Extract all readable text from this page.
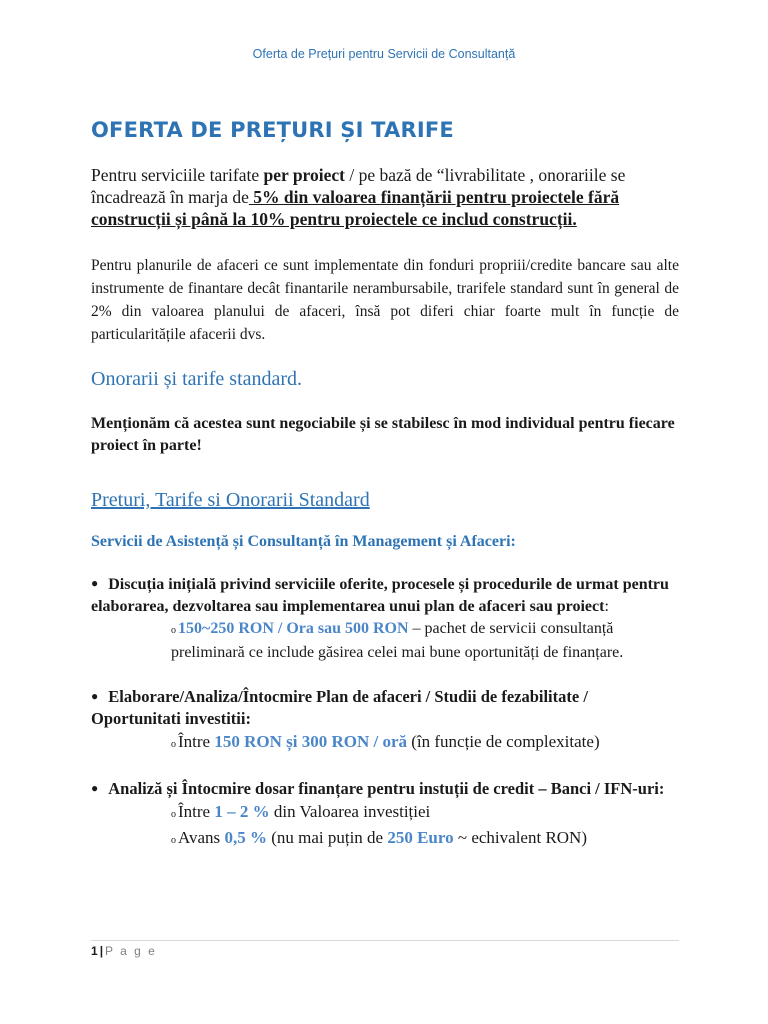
Oferta de Prețuri pentru Servicii de Consultanță
OFERTA DE PREȚURI ȘI TARIFE

Pentru serviciile tarifate per proiect / pe bază de “livrabilitate , onorariile se încadrează în marja de 5% din valoarea finanțării pentru proiectele fără construcții și până la 10% pentru proiectele ce includ construcții.

Pentru planurile de afaceri ce sunt implementate din fonduri propriii/credite bancare sau alte instrumente de finantare decât finantarile nerambursabile, trarifele standard sunt în general de 2% din valoarea planului de afaceri, însă pot diferi chiar foarte mult în funcție de particularitățile afacerii dvs.

Onorarii și tarife standard.

Menționăm că acestea sunt negociabile și se stabilesc în mod individual pentru fiecare proiect în parte!

Preturi, Tarife si Onorarii Standard
Servicii de Asistență și Consultanță în Management și Afaceri:

● Discuția inițială privind serviciile oferite, procesele și procedurile de urmat pentru elaborarea, dezvoltarea sau implementarea unui plan de afaceri sau proiect:

o 150~250 RON / Ora sau 500 RON – pachet de servicii consultanță preliminară ce include găsirea celei mai bune oportunități de finanțare.

● Elaborare/Analiza/Întocmire Plan de afaceri / Studii de fezabilitate / Oportunitati investitii:

o Între 150 RON și 300 RON / oră (în funcție de complexitate)

● Analiză și Întocmire dosar finanțare pentru instuții de credit – Banci / IFN-uri:

o Între 1 – 2 % din Valoarea investiției

o Avans 0,5 % (nu mai puțin de 250 Euro ~ echivalent RON)

1 | P a g e
